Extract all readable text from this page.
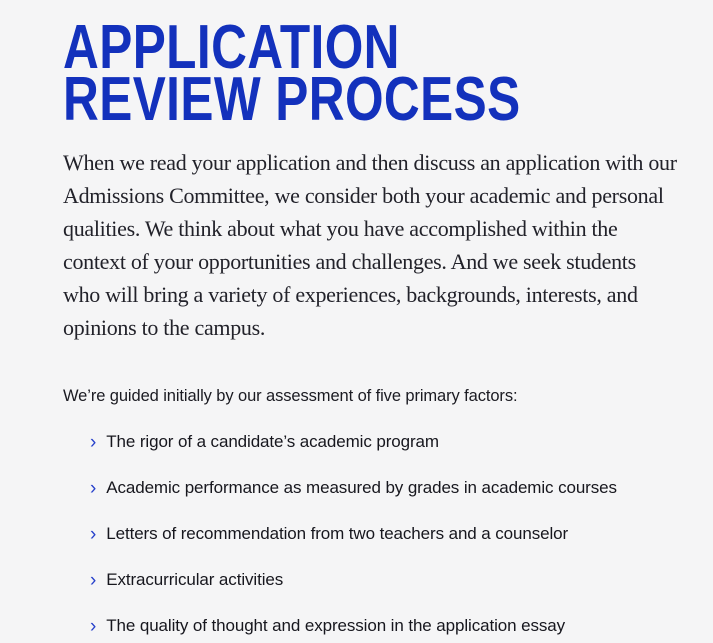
APPLICATION
REVIEW PROCESS

When we read your application and then discuss an application with our Admissions Committee, we consider both your academic and personal qualities. We think about what you have accomplished within the context of your opportunities and challenges. And we seek students who will bring a variety of experiences, backgrounds, interests, and opinions to the campus.

We’re guided initially by our assessment of five primary factors:

› The rigor of a candidate’s academic program
› Academic performance as measured by grades in academic courses
› Letters of recommendation from two teachers and a counselor
› Extracurricular activities
› The quality of thought and expression in the application essay
